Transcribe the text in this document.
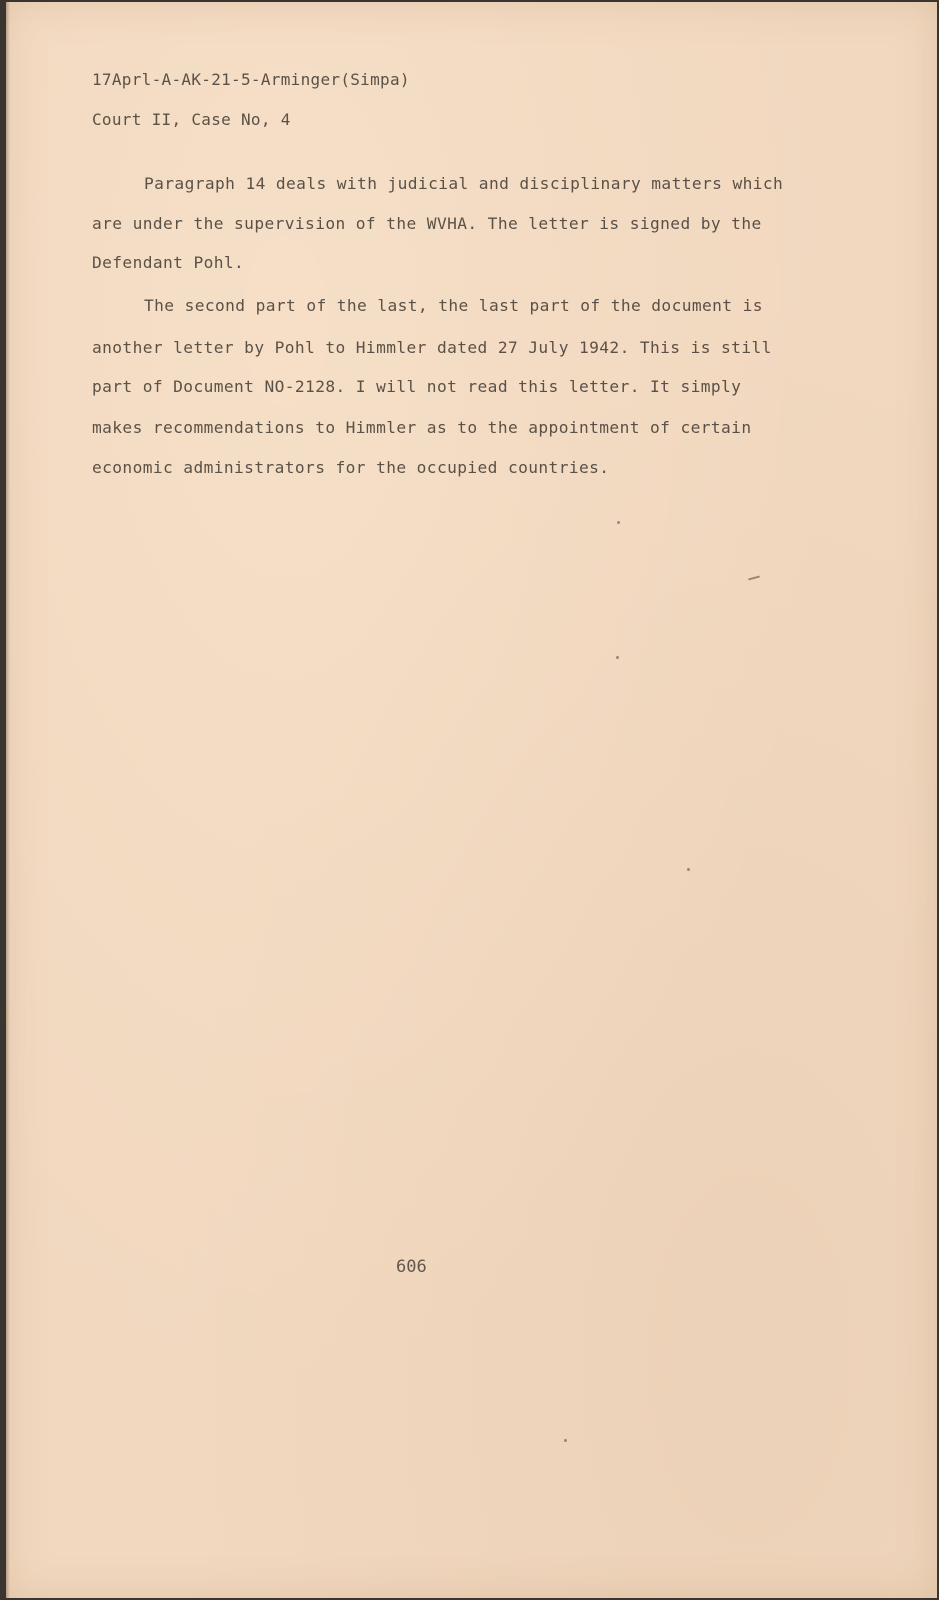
17Aprl-A-AK-21-5-Arminger(Simpa)
Court II, Case No, 4
Paragraph 14 deals with judicial and disciplinary matters which
are under the supervision of the WVHA. The letter is signed by the
Defendant Pohl.
The second part of the last, the last part of the document is
another letter by Pohl to Himmler dated 27 July 1942. This is still
part of Document NO-2128. I will not read this letter. It simply
makes recommendations to Himmler as to the appointment of certain
economic administrators for the occupied countries.
606
